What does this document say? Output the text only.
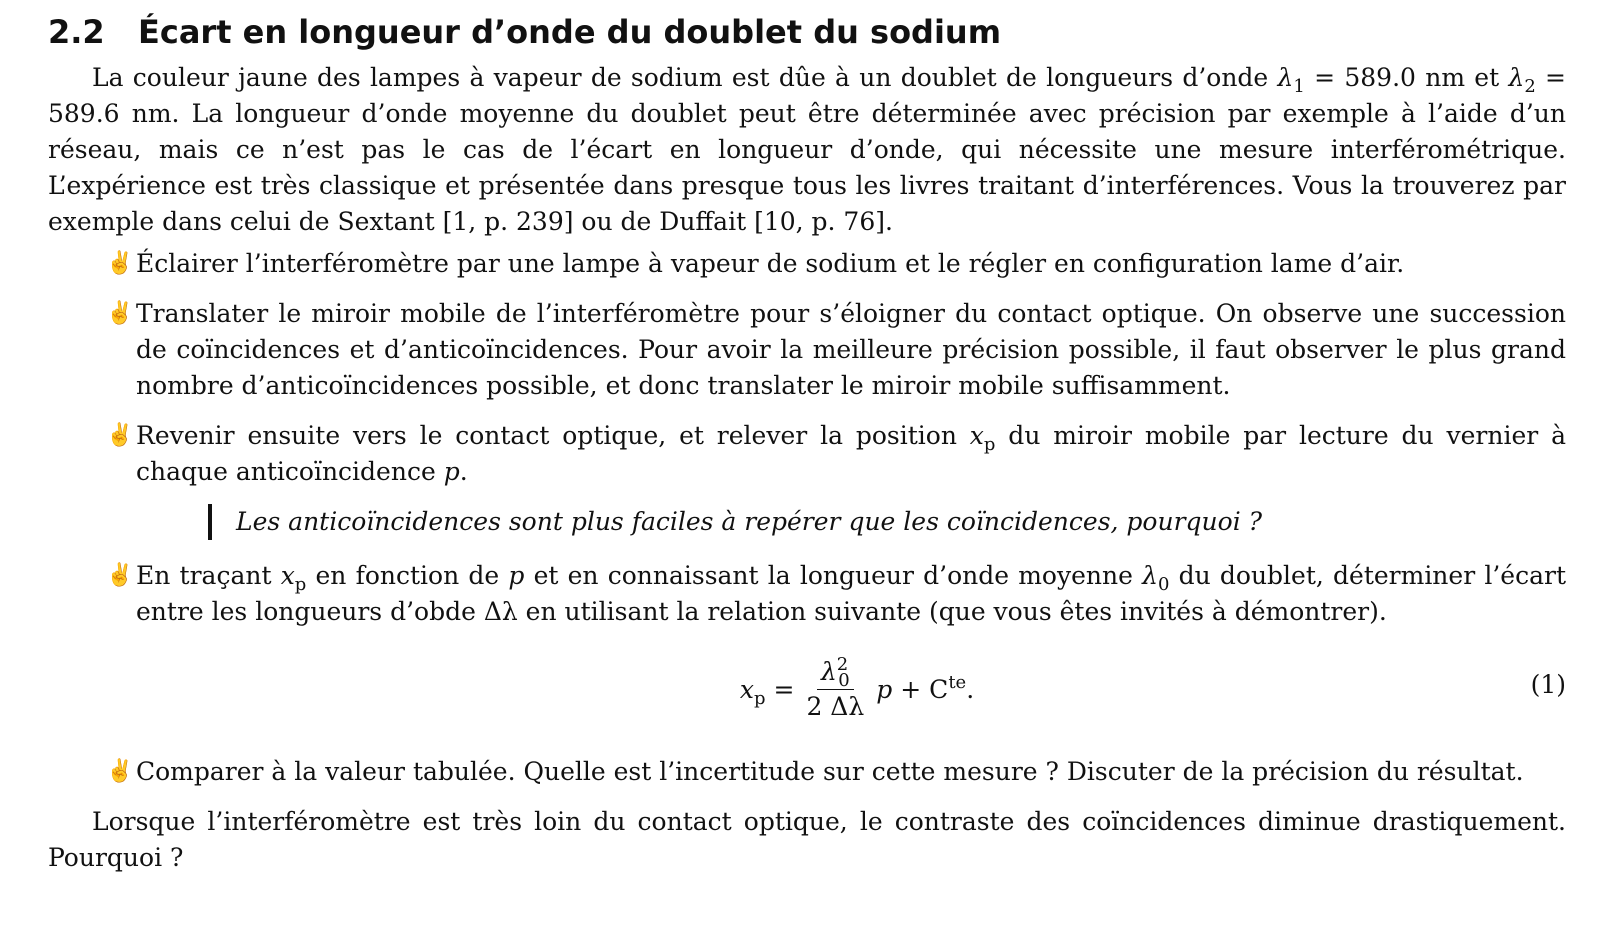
2.2	Écart en longueur d’onde du doublet du sodium

La couleur jaune des lampes à vapeur de sodium est dûe à un doublet de longueurs d’onde $\lambda_1 = 589.0$ nm et $\lambda_2 = 589.6$ nm. La longueur d’onde moyenne du doublet peut être déterminée avec précision par exemple à l’aide d’un réseau, mais ce n’est pas le cas de l’écart en longueur d’onde, qui nécessite une mesure interférométrique. L’expérience est très classique et présentée dans presque tous les livres traitant d’interférences. Vous la trouverez par exemple dans celui de Sextant [1, p. 239] ou de Duffait [10, p. 76].

✌ Éclairer l’interféromètre par une lampe à vapeur de sodium et le régler en configuration lame d’air.
✌ Translater le miroir mobile de l’interféromètre pour s’éloigner du contact optique. On observe une succession de coïncidences et d’anticoïncidences. Pour avoir la meilleure précision possible, il faut observer le plus grand nombre d’anticoïncidences possible, et donc translater le miroir mobile suffisamment.
✌ Revenir ensuite vers le contact optique, et relever la position $x_p$ du miroir mobile par lecture du vernier à chaque anticoïncidence p.
Les anticoïncidences sont plus faciles à repérer que les coïncidences, pourquoi ?
✌ En traçant $x_p$ en fonction de p et en connaissant la longueur d’onde moyenne $\lambda_0$ du doublet, déterminer l’écart entre les longueurs d’obde Δλ en utilisant la relation suivante (que vous êtes invités à démontrer).
$x_p = \frac{\lambda^2_0}{2 \Delta\lambda}$ $p + C^{te}$.	(1)
✌ Comparer à la valeur tabulée. Quelle est l’incertitude sur cette mesure ? Discuter de la précision du résultat.

Lorsque l’interféromètre est très loin du contact optique, le contraste des coïncidences diminue drastiquement. Pourquoi ?
